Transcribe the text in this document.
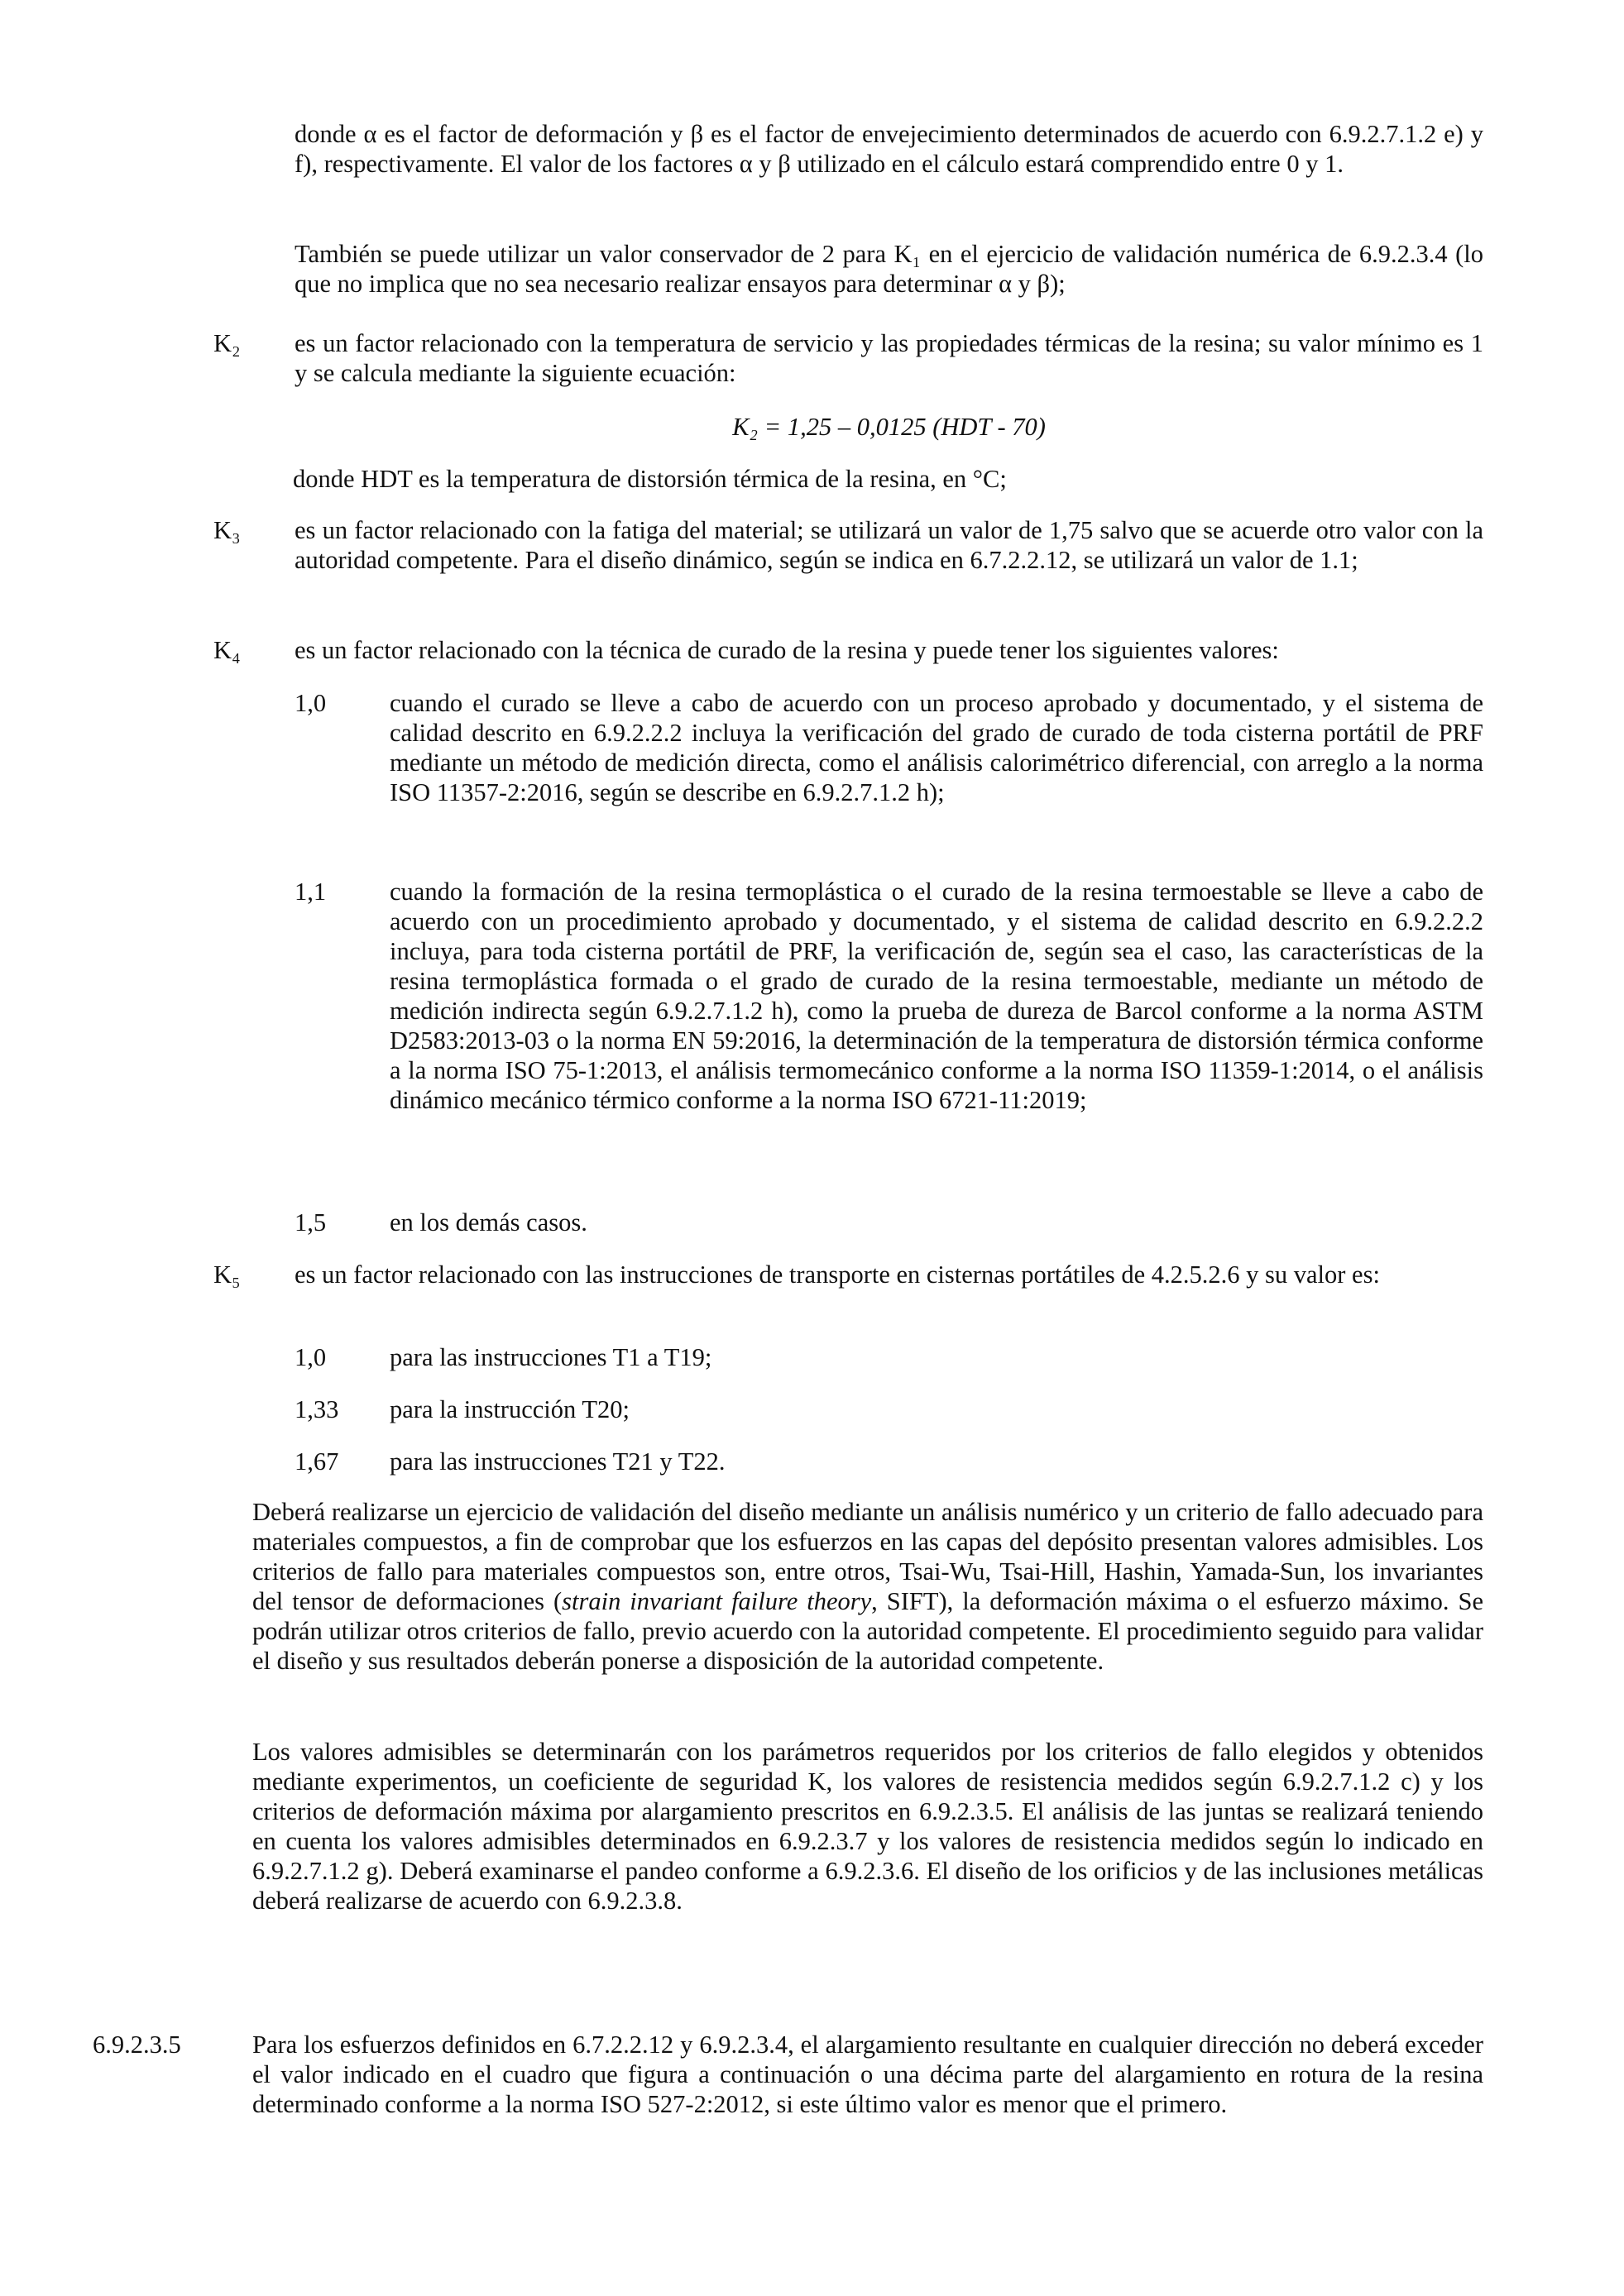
donde α es el factor de deformación y β es el factor de envejecimiento determinados de acuerdo con 6.9.2.7.1.2 e) y f), respectivamente. El valor de los factores α y β utilizado en el cálculo estará comprendido entre 0 y 1.

También se puede utilizar un valor conservador de 2 para K₁ en el ejercicio de validación numérica de 6.9.2.3.4 (lo que no implica que no sea necesario realizar ensayos para determinar α y β);

K₂ es un factor relacionado con la temperatura de servicio y las propiedades térmicas de la resina; su valor mínimo es 1 y se calcula mediante la siguiente ecuación:

K₂ = 1,25 – 0,0125 (HDT - 70)

donde HDT es la temperatura de distorsión térmica de la resina, en °C;

K₃ es un factor relacionado con la fatiga del material; se utilizará un valor de 1,75 salvo que se acuerde otro valor con la autoridad competente. Para el diseño dinámico, según se indica en 6.7.2.2.12, se utilizará un valor de 1.1;

K₄ es un factor relacionado con la técnica de curado de la resina y puede tener los siguientes valores:

1,0	cuando el curado se lleve a cabo de acuerdo con un proceso aprobado y documentado, y el sistema de calidad descrito en 6.9.2.2.2 incluya la verificación del grado de curado de toda cisterna portátil de PRF mediante un método de medición directa, como el análisis calorimétrico diferencial, con arreglo a la norma ISO 11357-2:2016, según se describe en 6.9.2.7.1.2 h);

1,1	cuando la formación de la resina termoplástica o el curado de la resina termoestable se lleve a cabo de acuerdo con un procedimiento aprobado y documentado, y el sistema de calidad descrito en 6.9.2.2.2 incluya, para toda cisterna portátil de PRF, la verificación de, según sea el caso, las características de la resina termoplástica formada o el grado de curado de la resina termoestable, mediante un método de medición indirecta según 6.9.2.7.1.2 h), como la prueba de dureza de Barcol conforme a la norma ASTM D2583:2013-03 o la norma EN 59:2016, la determinación de la temperatura de distorsión térmica conforme a la norma ISO 75-1:2013, el análisis termomecánico conforme a la norma ISO 11359-1:2014, o el análisis dinámico mecánico térmico conforme a la norma ISO 6721-11:2019;

1,5	en los demás casos.

K₅ es un factor relacionado con las instrucciones de transporte en cisternas portátiles de 4.2.5.2.6 y su valor es:

1,0	para las instrucciones T1 a T19;

1,33 para la instrucción T20;

1,67 para las instrucciones T21 y T22.

Deberá realizarse un ejercicio de validación del diseño mediante un análisis numérico y un criterio de fallo adecuado para materiales compuestos, a fin de comprobar que los esfuerzos en las capas del depósito presentan valores admisibles. Los criterios de fallo para materiales compuestos son, entre otros, Tsai-Wu, Tsai-Hill, Hashin, Yamada-Sun, los invariantes del tensor de deformaciones (strain invariant failure theory, SIFT), la deformación máxima o el esfuerzo máximo. Se podrán utilizar otros criterios de fallo, previo acuerdo con la autoridad competente. El procedimiento seguido para validar el diseño y sus resultados deberán ponerse a disposición de la autoridad competente.

Los valores admisibles se determinarán con los parámetros requeridos por los criterios de fallo elegidos y obtenidos mediante experimentos, un coeficiente de seguridad K, los valores de resistencia medidos según 6.9.2.7.1.2 c) y los criterios de deformación máxima por alargamiento prescritos en 6.9.2.3.5. El análisis de las juntas se realizará teniendo en cuenta los valores admisibles determinados en 6.9.2.3.7 y los valores de resistencia medidos según lo indicado en 6.9.2.7.1.2 g). Deberá examinarse el pandeo conforme a 6.9.2.3.6. El diseño de los orificios y de las inclusiones metálicas deberá realizarse de acuerdo con 6.9.2.3.8.

6.9.2.3.5	Para los esfuerzos definidos en 6.7.2.2.12 y 6.9.2.3.4, el alargamiento resultante en cualquier dirección no deberá exceder el valor indicado en el cuadro que figura a continuación o una décima parte del alargamiento en rotura de la resina determinado conforme a la norma ISO 527-2:2012, si este último valor es menor que el primero.
